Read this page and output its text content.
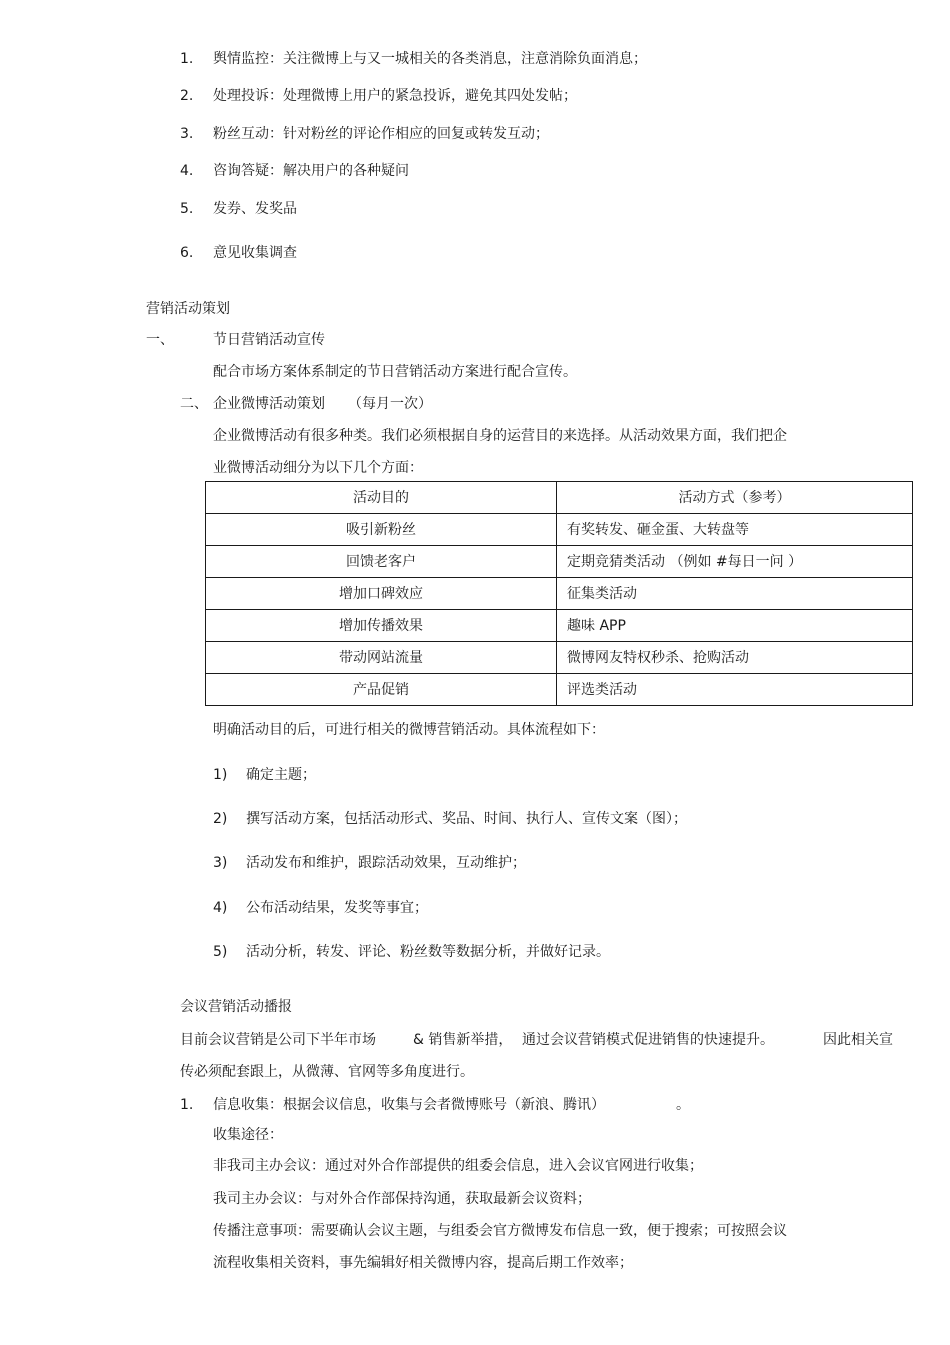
1. 舆情监控：关注微博上与又一城相关的各类消息，注意消除负面消息；
2. 处理投诉：处理微博上用户的紧急投诉，避免其四处发帖；
3. 粉丝互动：针对粉丝的评论作相应的回复或转发互动；
4. 咨询答疑：解决用户的各种疑问
5. 发券、发奖品
6. 意见收集调查
营销活动策划
一、	节日营销活动宣传
配合市场方案体系制定的节日营销活动方案进行配合宣传。
二、 企业微博活动策划 （每月一次）
企业微博活动有很多种类。我们必须根据自身的运营目的来选择。从活动效果方面，我们把企
业微博活动细分为以下几个方面：
活动目的	活动方式（参考）
吸引新粉丝	有奖转发、砸金蛋、大转盘等
回馈老客户	定期竞猜类活动 （例如 #每日一问 ）
增加口碑效应	征集类活动
增加传播效果	趣味 APP
带动网站流量	微博网友特权秒杀、抢购活动
产品促销	评选类活动
明确活动目的后，可进行相关的微博营销活动。具体流程如下：
1) 确定主题；
2) 撰写活动方案，包括活动形式、奖品、时间、执行人、宣传文案（图）；
3) 活动发布和维护，跟踪活动效果，互动维护；
4) 公布活动结果，发奖等事宜；
5) 活动分析，转发、评论、粉丝数等数据分析，并做好记录。
会议营销活动播报
目前会议营销是公司下半年市场	& 销售新举措， 通过会议营销模式促进销售的快速提升。	因此相关宣
传必须配套跟上，从微薄、官网等多角度进行。
1. 信息收集：根据会议信息，收集与会者微博账号（新浪、腾讯）	。
收集途径：
非我司主办会议：通过对外合作部提供的组委会信息，进入会议官网进行收集；
我司主办会议：与对外合作部保持沟通，获取最新会议资料；
传播注意事项：需要确认会议主题，与组委会官方微博发布信息一致，便于搜索；可按照会议
流程收集相关资料，事先编辑好相关微博内容，提高后期工作效率；
